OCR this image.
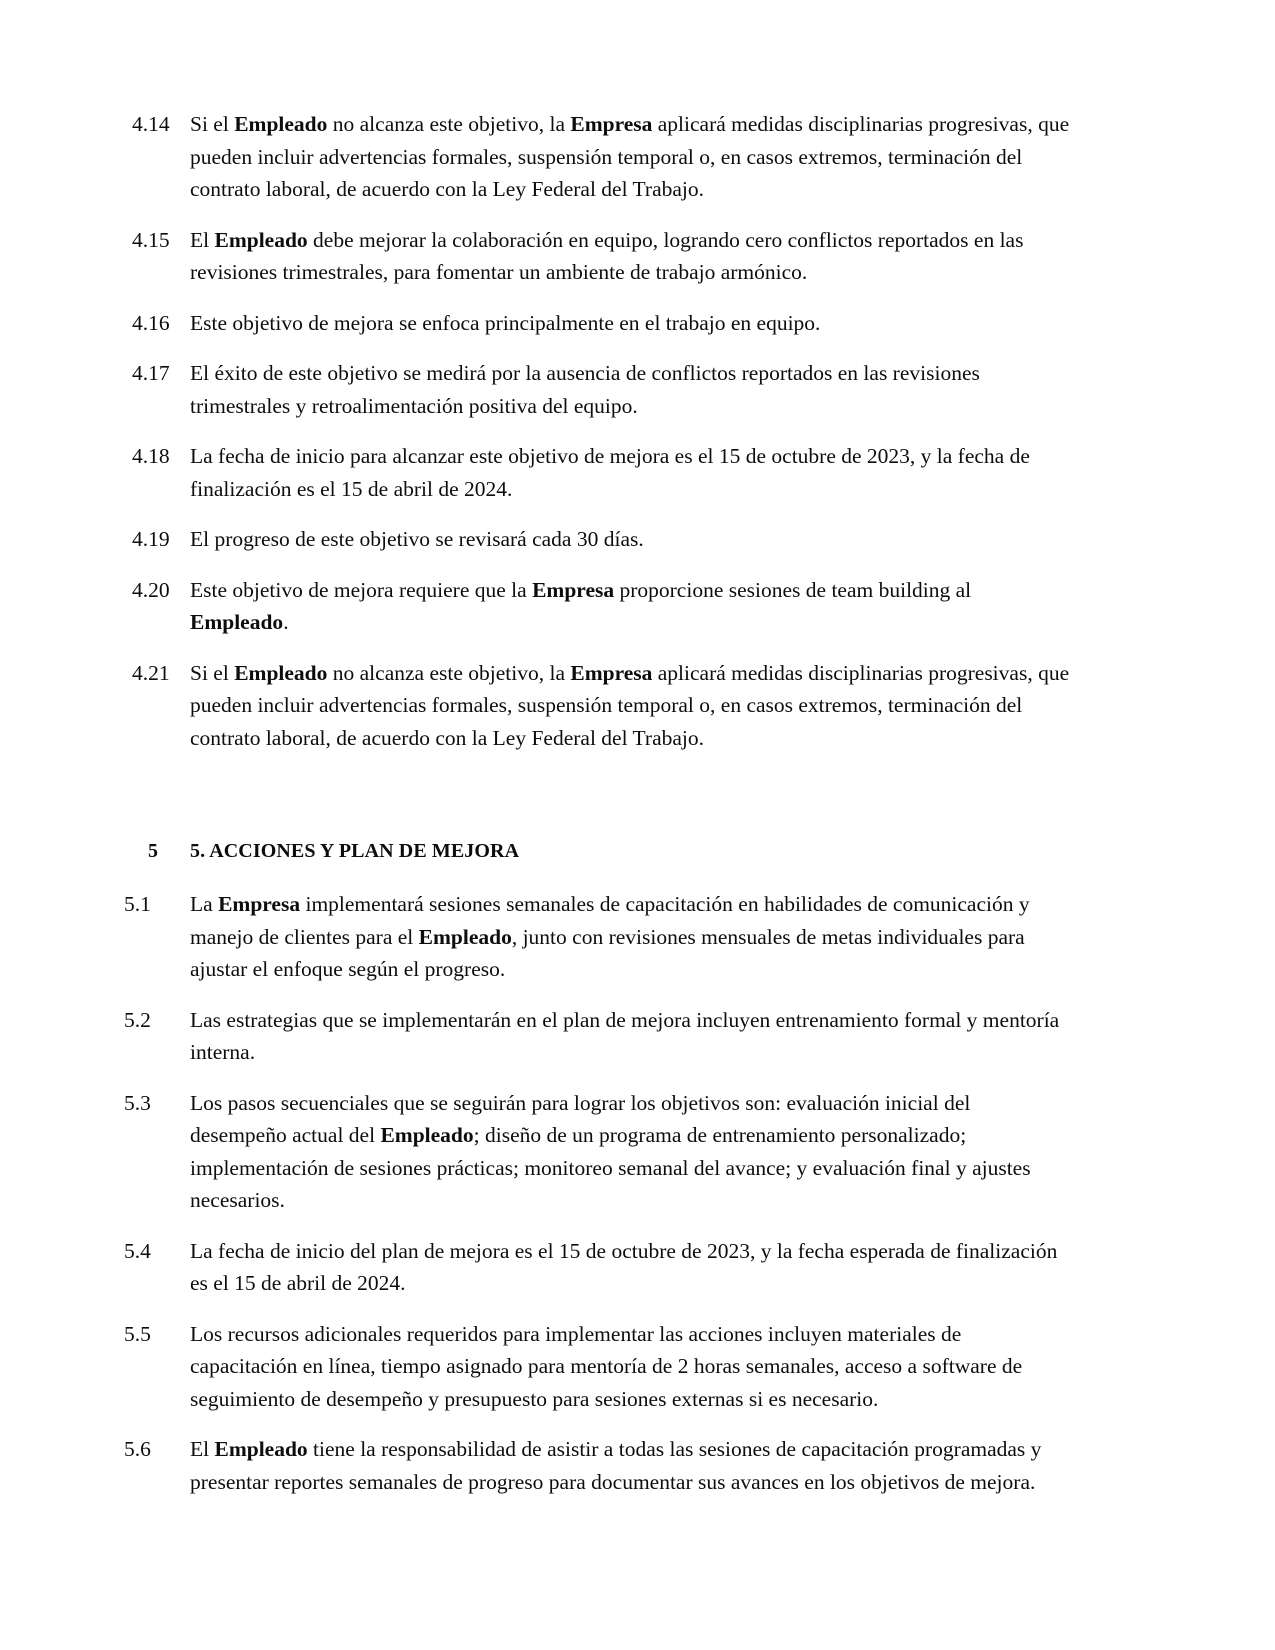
4.14 Si el Empleado no alcanza este objetivo, la Empresa aplicará medidas disciplinarias progresivas, que pueden incluir advertencias formales, suspensión temporal o, en casos extremos, terminación del contrato laboral, de acuerdo con la Ley Federal del Trabajo.
4.15 El Empleado debe mejorar la colaboración en equipo, logrando cero conflictos reportados en las revisiones trimestrales, para fomentar un ambiente de trabajo armónico.
4.16 Este objetivo de mejora se enfoca principalmente en el trabajo en equipo.
4.17 El éxito de este objetivo se medirá por la ausencia de conflictos reportados en las revisiones trimestrales y retroalimentación positiva del equipo.
4.18 La fecha de inicio para alcanzar este objetivo de mejora es el 15 de octubre de 2023, y la fecha de finalización es el 15 de abril de 2024.
4.19 El progreso de este objetivo se revisará cada 30 días.
4.20 Este objetivo de mejora requiere que la Empresa proporcione sesiones de team building al Empleado.
4.21 Si el Empleado no alcanza este objetivo, la Empresa aplicará medidas disciplinarias progresivas, que pueden incluir advertencias formales, suspensión temporal o, en casos extremos, terminación del contrato laboral, de acuerdo con la Ley Federal del Trabajo.
5	5. ACCIONES Y PLAN DE MEJORA
5.1	La Empresa implementará sesiones semanales de capacitación en habilidades de comunicación y manejo de clientes para el Empleado, junto con revisiones mensuales de metas individuales para ajustar el enfoque según el progreso.
5.2	Las estrategias que se implementarán en el plan de mejora incluyen entrenamiento formal y mentoría interna.
5.3	Los pasos secuenciales que se seguirán para lograr los objetivos son: evaluación inicial del desempeño actual del Empleado; diseño de un programa de entrenamiento personalizado; implementación de sesiones prácticas; monitoreo semanal del avance; y evaluación final y ajustes necesarios.
5.4	La fecha de inicio del plan de mejora es el 15 de octubre de 2023, y la fecha esperada de finalización es el 15 de abril de 2024.
5.5	Los recursos adicionales requeridos para implementar las acciones incluyen materiales de capacitación en línea, tiempo asignado para mentoría de 2 horas semanales, acceso a software de seguimiento de desempeño y presupuesto para sesiones externas si es necesario.
5.6	El Empleado tiene la responsabilidad de asistir a todas las sesiones de capacitación programadas y presentar reportes semanales de progreso para documentar sus avances en los objetivos de mejora.
